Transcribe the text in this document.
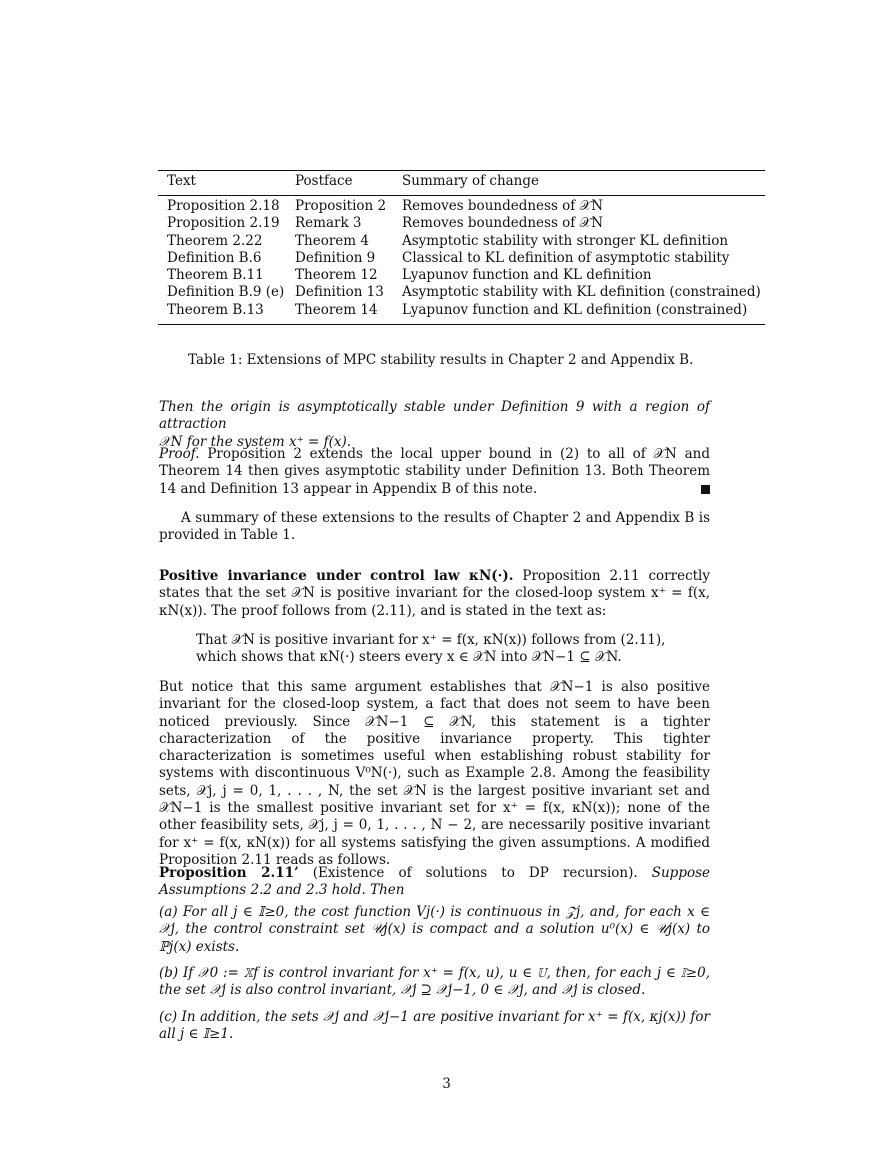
Text	Postface	Summary of change
Proposition 2.18	Proposition 2	Removes boundedness of 𝒳N
Proposition 2.19	Remark 3	Removes boundedness of 𝒳N
Theorem 2.22	Theorem 4	Asymptotic stability with stronger KL definition
Definition B.6	Definition 9	Classical to KL definition of asymptotic stability
Theorem B.11	Theorem 12	Lyapunov function and KL definition
Definition B.9 (e)	Definition 13	Asymptotic stability with KL definition (constrained)
Theorem B.13	Theorem 14	Lyapunov function and KL definition (constrained)
Table 1: Extensions of MPC stability results in Chapter 2 and Appendix B.
Then the origin is asymptotically stable under Definition 9 with a region of attraction
𝒳N for the system x⁺ = f(x).
Proof. Proposition 2 extends the local upper bound in (2) to all of 𝒳N and Theorem 14 then gives asymptotic stability under Definition 13. Both Theorem 14 and Definition 13 appear in Appendix B of this note.
A summary of these extensions to the results of Chapter 2 and Appendix B is provided in Table 1.
Positive invariance under control law κN(·). Proposition 2.11 correctly states that the set 𝒳N is positive invariant for the closed-loop system x⁺ = f(x, κN(x)). The proof follows from (2.11), and is stated in the text as:
That 𝒳N is positive invariant for x⁺ = f(x, κN(x)) follows from (2.11),
which shows that κN(·) steers every x ∈ 𝒳N into 𝒳N−1 ⊆ 𝒳N.
But notice that this same argument establishes that 𝒳N−1 is also positive invariant for the closed-loop system, a fact that does not seem to have been noticed previously. Since 𝒳N−1 ⊆ 𝒳N, this statement is a tighter characterization of the positive invariance property. This tighter characterization is sometimes useful when establishing robust stability for systems with discontinuous V⁰N(·), such as Example 2.8. Among the feasibility sets, 𝒳j, j = 0, 1, . . . , N, the set 𝒳N is the largest positive invariant set and 𝒳N−1 is the smallest positive invariant set for x⁺ = f(x, κN(x)); none of the other feasibility sets, 𝒳j, j = 0, 1, . . . , N − 2, are necessarily positive invariant for x⁺ = f(x, κN(x)) for all systems satisfying the given assumptions. A modified Proposition 2.11 reads as follows.
Proposition 2.11’ (Existence of solutions to DP recursion). Suppose Assumptions 2.2 and 2.3 hold. Then
(a) For all j ∈ 𝕀≥0, the cost function Vj(·) is continuous in 𝒵j, and, for each x ∈ 𝒳j, the control constraint set 𝒰j(x) is compact and a solution u⁰(x) ∈ 𝒰j(x) to ℙj(x) exists.
(b) If 𝒳0 := 𝕏f is control invariant for x⁺ = f(x, u), u ∈ 𝕌, then, for each j ∈ 𝕀≥0, the set 𝒳j is also control invariant, 𝒳j ⊇ 𝒳j−1, 0 ∈ 𝒳j, and 𝒳j is closed.
(c) In addition, the sets 𝒳j and 𝒳j−1 are positive invariant for x⁺ = f(x, κj(x)) for all j ∈ 𝕀≥1.
3
